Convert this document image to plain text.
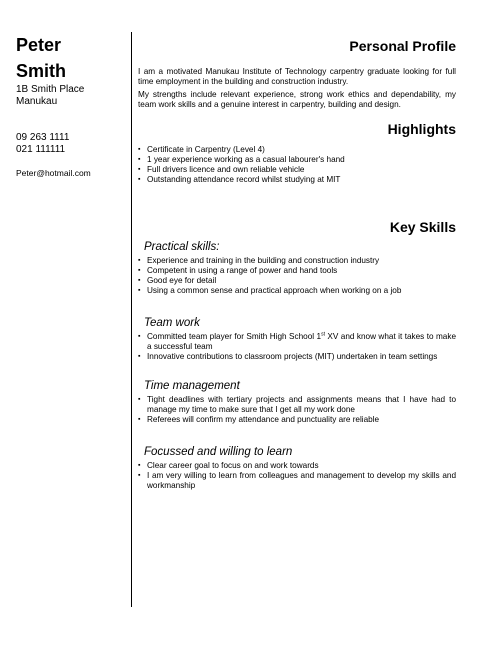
Peter
Smith
1B Smith Place
Manukau
09 263 1111
021 111111
Peter@hotmail.com
Personal Profile

I am a motivated Manukau Institute of Technology carpentry graduate looking for full time employment in the building and construction industry.

My strengths include relevant experience, strong work ethics and dependability, my team work skills and a genuine interest in carpentry, building and design.

Highlights
▪ Certificate in Carpentry (Level 4)
▪ 1 year experience working as a casual labourer's hand
▪ Full drivers licence and own reliable vehicle
▪ Outstanding attendance record whilst studying at MIT
Key Skills

Practical skills:

▪ Experience and training in the building and construction industry
▪ Competent in using a range of power and hand tools
▪ Good eye for detail
▪ Using a common sense and practical approach when working on a job

Team work

▪ Committed team player for Smith High School 1st XV and know what it takes to make a successful team
▪ Innovative contributions to classroom projects (MIT) undertaken in team settings

Time management

▪ Tight deadlines with tertiary projects and assignments means that I have had to manage my time to make sure that I get all my work done
▪ Referees will confirm my attendance and punctuality are reliable

Focussed and willing to learn

▪ Clear career goal to focus on and work towards
▪ I am very willing to learn from colleagues and management to develop my skills and workmanship
